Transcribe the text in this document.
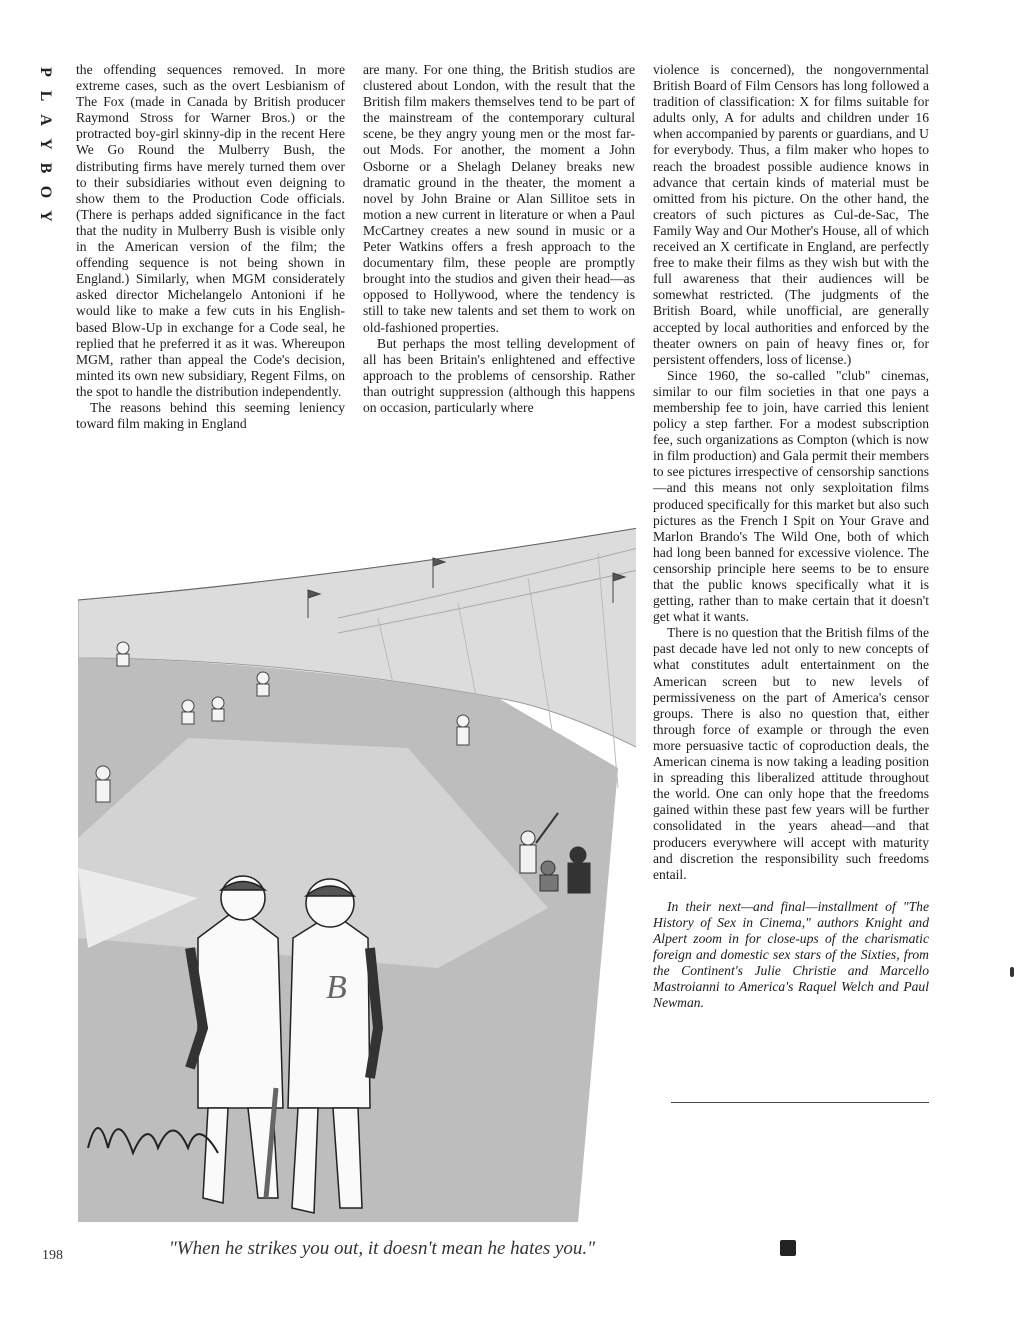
P
L
A
Y
B
O
Y

the offending sequences removed. In more extreme cases, such as the overt Lesbianism of The Fox (made in Canada by British producer Raymond Stross for Warner Bros.) or the protracted boy-girl skinny-dip in the recent Here We Go Round the Mulberry Bush, the distributing firms have merely turned them over to their subsidiaries without even deigning to show them to the Production Code officials. (There is perhaps added significance in the fact that the nudity in Mulberry Bush is visible only in the American version of the film; the offending sequence is not being shown in England.) Similarly, when MGM considerately asked director Michelangelo Antonioni if he would like to make a few cuts in his English-based Blow-Up in exchange for a Code seal, he replied that he preferred it as it was. Whereupon MGM, rather than appeal the Code's decision, minted its own new subsidiary, Regent Films, on the spot to handle the distribution independently.

The reasons behind this seeming leniency toward film making in England

are many. For one thing, the British studios are clustered about London, with the result that the British film makers themselves tend to be part of the mainstream of the contemporary cultural scene, be they angry young men or the most far-out Mods. For another, the moment a John Osborne or a Shelagh Delaney breaks new dramatic ground in the theater, the moment a novel by John Braine or Alan Sillitoe sets in motion a new current in literature or when a Paul McCartney creates a new sound in music or a Peter Watkins offers a fresh approach to the documentary film, these people are promptly brought into the studios and given their head—as opposed to Hollywood, where the tendency is still to take new talents and set them to work on old-fashioned properties.

But perhaps the most telling development of all has been Britain's enlightened and effective approach to the problems of censorship. Rather than outright suppression (although this happens on occasion, particularly where

violence is concerned), the nongovernmental British Board of Film Censors has long followed a tradition of classification: X for films suitable for adults only, A for adults and children under 16 when accompanied by parents or guardians, and U for everybody. Thus, a film maker who hopes to reach the broadest possible audience knows in advance that certain kinds of material must be omitted from his picture. On the other hand, the creators of such pictures as Cul-de-Sac, The Family Way and Our Mother's House, all of which received an X certificate in England, are perfectly free to make their films as they wish but with the full awareness that their audiences will be somewhat restricted. (The judgments of the British Board, while unofficial, are generally accepted by local authorities and enforced by the theater owners on pain of heavy fines or, for persistent offenders, loss of license.)

Since 1960, the so-called "club" cinemas, similar to our film societies in that one pays a membership fee to join, have carried this lenient policy a step farther. For a modest subscription fee, such organizations as Compton (which is now in film production) and Gala permit their members to see pictures irrespective of censorship sanctions—and this means not only sexploitation films produced specifically for this market but also such pictures as the French I Spit on Your Grave and Marlon Brando's The Wild One, both of which had long been banned for excessive violence. The censorship principle here seems to be to ensure that the public knows specifically what it is getting, rather than to make certain that it doesn't get what it wants.

There is no question that the British films of the past decade have led not only to new concepts of what constitutes adult entertainment on the American screen but to new levels of permissiveness on the part of America's censor groups. There is also no question that, either through force of example or through the even more persuasive tactic of coproduction deals, the American cinema is now taking a leading position in spreading this liberalized attitude throughout the world. One can only hope that the freedoms gained within these past few years will be further consolidated in the years ahead—and that producers everywhere will accept with maturity and discretion the responsibility such freedoms entail.

In their next—and final—installment of "The History of Sex in Cinema," authors Knight and Alpert zoom in for close-ups of the charismatic foreign and domestic sex stars of the Sixties, from the Continent's Julie Christie and Marcello Mastroianni to America's Raquel Welch and Paul Newman.

B
"When he strikes you out, it doesn't mean he hates you."
198
